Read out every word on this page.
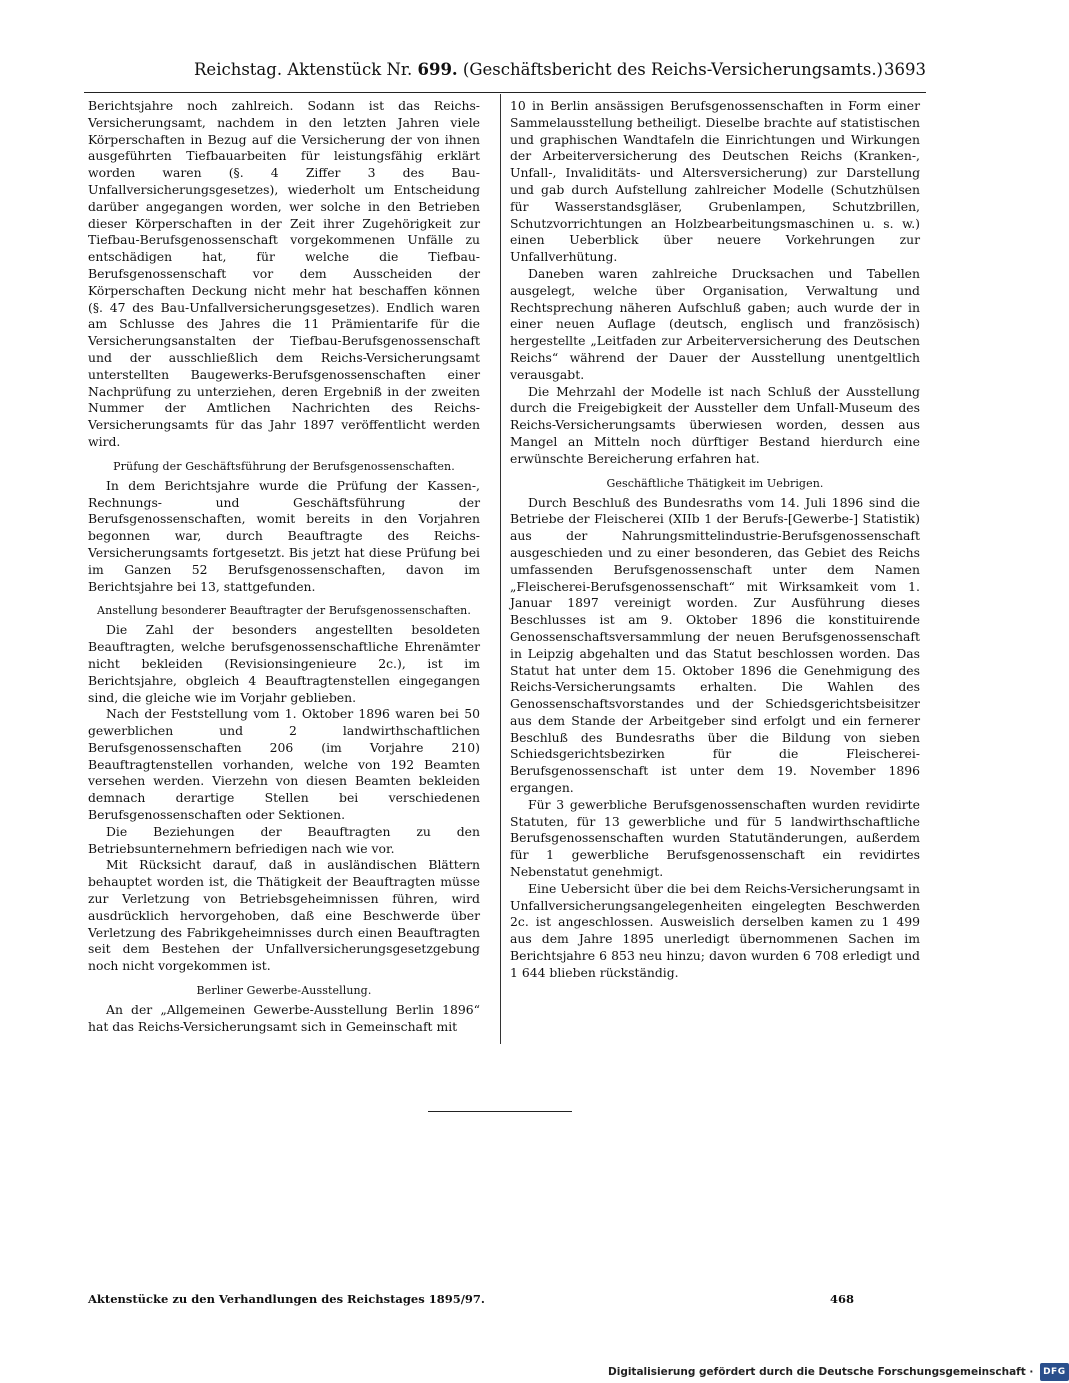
Reichstag. Aktenstück Nr. 699. (Geschäftsbericht des Reichs-Versicherungsamts.) 3693

Berichtsjahre noch zahlreich. Sodann ist das Reichs-Versicherungsamt, nachdem in den letzten Jahren viele Körperschaften in Bezug auf die Versicherung der von ihnen ausgeführten Tiefbauarbeiten für leistungsfähig erklärt worden waren (§. 4 Ziffer 3 des Bau-Unfallversicherungsgesetzes), wiederholt um Entscheidung darüber angegangen worden, wer solche in den Betrieben dieser Körperschaften in der Zeit ihrer Zugehörigkeit zur Tiefbau-Berufsgenossenschaft vorgekommenen Unfälle zu entschädigen hat, für welche die Tiefbau-Berufsgenossenschaft vor dem Ausscheiden der Körperschaften Deckung nicht mehr hat beschaffen können (§. 47 des Bau-Unfallversicherungsgesetzes). Endlich waren am Schlusse des Jahres die 11 Prämientarife für die Versicherungsanstalten der Tiefbau-Berufsgenossenschaft und der ausschließlich dem Reichs-Versicherungsamt unterstellten Baugewerks-Berufsgenossenschaften einer Nachprüfung zu unterziehen, deren Ergebniß in der zweiten Nummer der Amtlichen Nachrichten des Reichs-Versicherungsamts für das Jahr 1897 veröffentlicht werden wird.

Prüfung der Geschäftsführung der Berufsgenossenschaften.

In dem Berichtsjahre wurde die Prüfung der Kassen-, Rechnungs- und Geschäftsführung der Berufsgenossenschaften, womit bereits in den Vorjahren begonnen war, durch Beauftragte des Reichs-Versicherungsamts fortgesetzt. Bis jetzt hat diese Prüfung bei im Ganzen 52 Berufsgenossenschaften, davon im Berichtsjahre bei 13, stattgefunden.

Anstellung besonderer Beauftragter der Berufsgenossenschaften.

Die Zahl der besonders angestellten besoldeten Beauftragten, welche berufsgenossenschaftliche Ehrenämter nicht bekleiden (Revisionsingenieure 2c.), ist im Berichtsjahre, obgleich 4 Beauftragtenstellen eingegangen sind, die gleiche wie im Vorjahr geblieben.

Nach der Feststellung vom 1. Oktober 1896 waren bei 50 gewerblichen und 2 landwirthschaftlichen Berufsgenossenschaften 206 (im Vorjahre 210) Beauftragtenstellen vorhanden, welche von 192 Beamten versehen werden. Vierzehn von diesen Beamten bekleiden demnach derartige Stellen bei verschiedenen Berufsgenossenschaften oder Sektionen.

Die Beziehungen der Beauftragten zu den Betriebsunternehmern befriedigen nach wie vor.

Mit Rücksicht darauf, daß in ausländischen Blättern behauptet worden ist, die Thätigkeit der Beauftragten müsse zur Verletzung von Betriebsgeheimnissen führen, wird ausdrücklich hervorgehoben, daß eine Beschwerde über Verletzung des Fabrikgeheimnisses durch einen Beauftragten seit dem Bestehen der Unfallversicherungsgesetzgebung noch nicht vorgekommen ist.

Berliner Gewerbe-Ausstellung.

An der „Allgemeinen Gewerbe-Ausstellung Berlin 1896“ hat das Reichs-Versicherungsamt sich in Gemeinschaft mit

10 in Berlin ansässigen Berufsgenossenschaften in Form einer Sammelausstellung betheiligt. Dieselbe brachte auf statistischen und graphischen Wandtafeln die Einrichtungen und Wirkungen der Arbeiterversicherung des Deutschen Reichs (Kranken-, Unfall-, Invaliditäts- und Altersversicherung) zur Darstellung und gab durch Aufstellung zahlreicher Modelle (Schutzhülsen für Wasserstandsgläser, Grubenlampen, Schutzbrillen, Schutzvorrichtungen an Holzbearbeitungsmaschinen u. s. w.) einen Ueberblick über neuere Vorkehrungen zur Unfallverhütung.

Daneben waren zahlreiche Drucksachen und Tabellen ausgelegt, welche über Organisation, Verwaltung und Rechtsprechung näheren Aufschluß gaben; auch wurde der in einer neuen Auflage (deutsch, englisch und französisch) hergestellte „Leitfaden zur Arbeiterversicherung des Deutschen Reichs“ während der Dauer der Ausstellung unentgeltlich verausgabt.

Die Mehrzahl der Modelle ist nach Schluß der Ausstellung durch die Freigebigkeit der Aussteller dem Unfall-Museum des Reichs-Versicherungsamts überwiesen worden, dessen aus Mangel an Mitteln noch dürftiger Bestand hierdurch eine erwünschte Bereicherung erfahren hat.

Geschäftliche Thätigkeit im Uebrigen.

Durch Beschluß des Bundesraths vom 14. Juli 1896 sind die Betriebe der Fleischerei (XIIb 1 der Berufs-[Gewerbe-] Statistik) aus der Nahrungsmittelindustrie-Berufsgenossenschaft ausgeschieden und zu einer besonderen, das Gebiet des Reichs umfassenden Berufsgenossenschaft unter dem Namen „Fleischerei-Berufsgenossenschaft“ mit Wirksamkeit vom 1. Januar 1897 vereinigt worden. Zur Ausführung dieses Beschlusses ist am 9. Oktober 1896 die konstituirende Genossenschaftsversammlung der neuen Berufsgenossenschaft in Leipzig abgehalten und das Statut beschlossen worden. Das Statut hat unter dem 15. Oktober 1896 die Genehmigung des Reichs-Versicherungsamts erhalten. Die Wahlen des Genossenschaftsvorstandes und der Schiedsgerichtsbeisitzer aus dem Stande der Arbeitgeber sind erfolgt und ein fernerer Beschluß des Bundesraths über die Bildung von sieben Schiedsgerichtsbezirken für die Fleischerei-Berufsgenossenschaft ist unter dem 19. November 1896 ergangen.

Für 3 gewerbliche Berufsgenossenschaften wurden revidirte Statuten, für 13 gewerbliche und für 5 landwirthschaftliche Berufsgenossenschaften wurden Statutänderungen, außerdem für 1 gewerbliche Berufsgenossenschaft ein revidirtes Nebenstatut genehmigt.

Eine Uebersicht über die bei dem Reichs-Versicherungsamt in Unfallversicherungsangelegenheiten eingelegten Beschwerden 2c. ist angeschlossen. Ausweislich derselben kamen zu 1 499 aus dem Jahre 1895 unerledigt übernommenen Sachen im Berichtsjahre 6 853 neu hinzu; davon wurden 6 708 erledigt und 1 644 blieben rückständig.

Aktenstücke zu den Verhandlungen des Reichstages 1895/97.	468
Digitalisierung gefördert durch die Deutsche Forschungsgemeinschaft · DFG
